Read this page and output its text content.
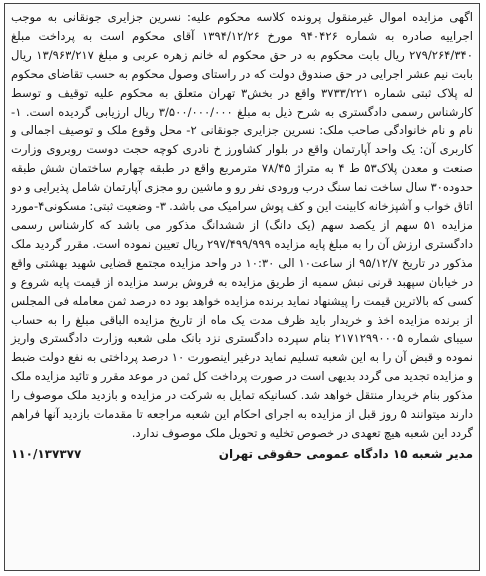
اگهی مزایده اموال غیرمنقول پرونده کلاسه محکوم علیه: نسرین جزایری جونقانی به موجب اجراییه صادره به شماره ۹۴۰۴۲۶ مورخ ۱۳۹۴/۱۲/۲۶ آقای محکوم است به پرداخت مبلغ ۲۷۹/۲۶۴/۳۴۰ ریال بابت محکوم به در حق محکوم له خانم زهره عربی و مبلغ ۱۳/۹۶۳/۲۱۷ ریال بابت نیم عشر اجرایی در حق صندوق دولت که در راستای وصول محکوم به حسب تقاضای محکوم له پلاک ثبتی شماره ۳۷۳۳/۲۲۱ واقع در بخش۳ تهران متعلق به محکوم علیه توقیف و توسط کارشناس رسمی دادگستری به شرح ذیل به مبلغ ۳/۵۰۰/۰۰۰/۰۰۰ ریال ارزیابی گردیده است. ۱- نام و نام خانوادگی صاحب ملک: نسرین جزایری جونقانی ۲- محل وقوع ملک و توصیف اجمالی و کاربری آن: یک واحد آپارتمان واقع در بلوار کشاورز خ نادری کوچه حجت دوست روبروی وزارت صنعت و معدن پلاک۵۳ ط ۴ به متراژ ۷۸/۴۵ مترمربع واقع در طبقه چهارم ساختمان شش طبقه حدوده۳۰ سال ساخت نما سنگ درب ورودی نفر رو و ماشین رو مجزی آپارتمان شامل پذیرایی و دو اتاق خواب و آشپزخانه کابینت این و کف پوش سرامیک می باشد. ۳- وضعیت ثبتی: مسکونی۴-مورد مزایده ۵۱ سهم از یکصد سهم (یک دانگ) از ششدانگ مذکور می باشد که کارشناس رسمی دادگستری ارزش آن را به مبلغ پایه مزایده ۲۹۷/۴۹۹/۹۹۹ ریال تعیین نموده است. مقرر گردید ملک مذکور در تاریخ ۹۵/۱۲/۷ از ساعت۱۰ الی ۱۰:۳۰ در واحد مزایده مجتمع قضایی شهید بهشتی واقع در خیابان سپهبد قرنی نبش سمیه از طریق مزایده به فروش برسد مزایده از قیمت پایه شروع و کسی که بالاترین قیمت را پیشنهاد نماید برنده مزایده خواهد بود ده درصد ثمن معامله فی المجلس از برنده مزایده اخذ و خریدار باید ظرف مدت یک ماه از تاریخ مزایده الباقی مبلغ را به حساب سیبای شماره ۲۱۷۱۲۹۹۰۰۰۵ بنام سپرده دادگستری نزد بانک ملی شعبه وزارت دادگستری واریز نموده و قبض آن را به این شعبه تسلیم نماید درغیر اینصورت ۱۰ درصد پرداختی به نفع دولت ضبط و مزایده تجدید می گردد بدیهی است در صورت پرداخت کل ثمن در موعد مقرر و تائید مزایده ملک مذکور بنام خریدار منتقل خواهد شد. کسانیکه تمایل به شرکت در مزایده و بازدید ملک موصوف را دارند میتوانند ۵ روز قبل از مزایده به اجرای احکام این شعبه مراجعه تا مقدمات بازدید آنها فراهم گردد این شعبه هیچ تعهدی در خصوص تخلیه و تحویل ملک موصوف ندارد.

مدیر شعبه ۱۵ دادگاه عمومی حقوقی تهران
۱۱۰/۱۳۷۳۷۷
